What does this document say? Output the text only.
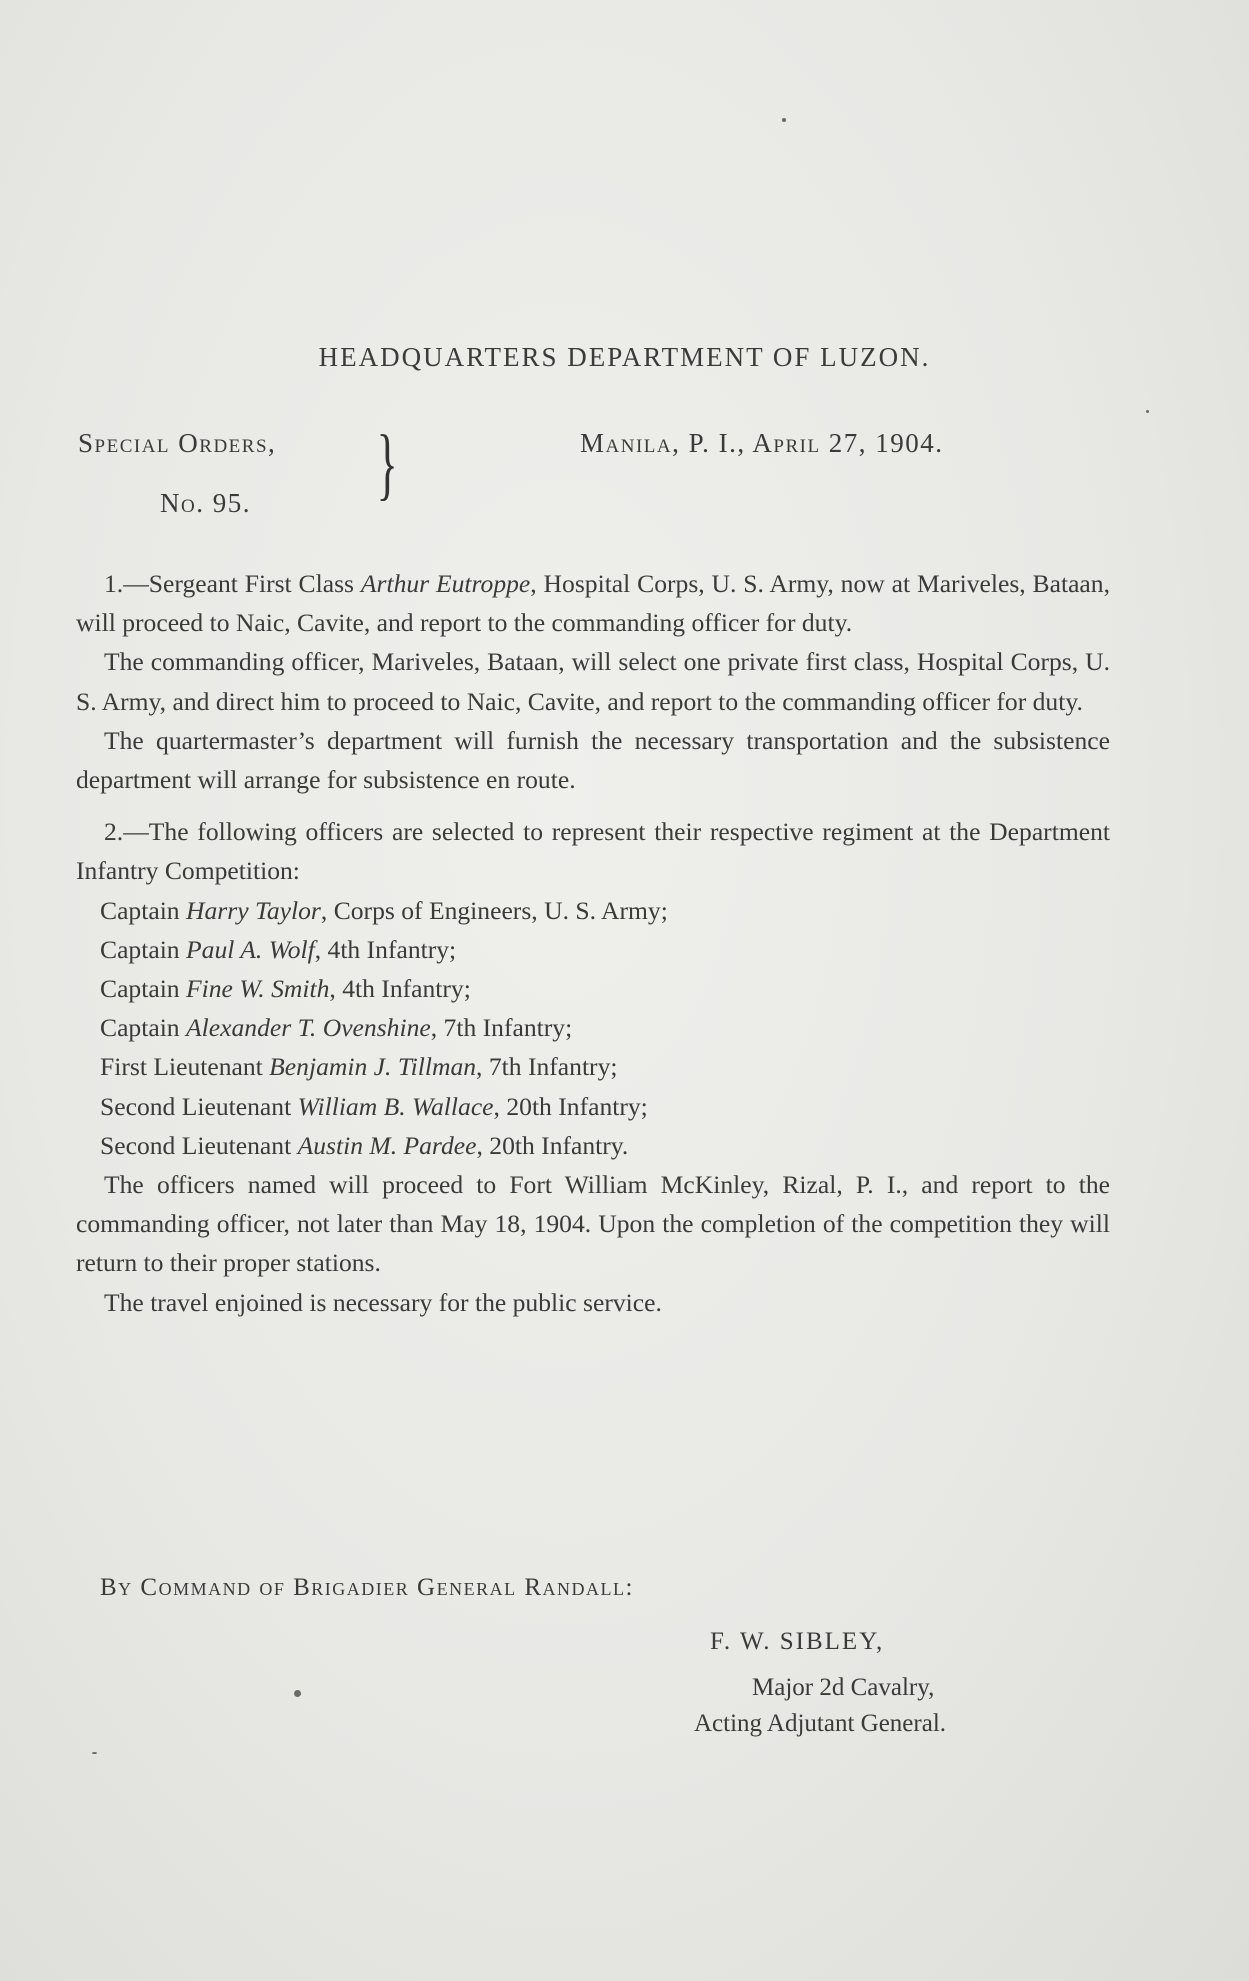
HEADQUARTERS DEPARTMENT OF LUZON.
Special Orders,
No. 95. }	Manila, P. I., April 27, 1904.

1.—Sergeant First Class Arthur Eutroppe, Hospital Corps, U. S. Army, now at Mariveles, Bataan, will proceed to Naic, Cavite, and report to the commanding officer for duty.

The commanding officer, Mariveles, Bataan, will select one private first class, Hospital Corps, U. S. Army, and direct him to proceed to Naic, Cavite, and report to the commanding officer for duty.

The quartermaster’s department will furnish the necessary transportation and the subsistence department will arrange for subsistence en route.

2.—The following officers are selected to represent their respective regiment at the Department Infantry Competition:

Captain Harry Taylor, Corps of Engineers, U. S. Army;
Captain Paul A. Wolf, 4th Infantry;
Captain Fine W. Smith, 4th Infantry;
Captain Alexander T. Ovenshine, 7th Infantry;
First Lieutenant Benjamin J. Tillman, 7th Infantry;
Second Lieutenant William B. Wallace, 20th Infantry;
Second Lieutenant Austin M. Pardee, 20th Infantry.

The officers named will proceed to Fort William McKinley, Rizal, P. I., and report to the commanding officer, not later than May 18, 1904. Upon the completion of the competition they will return to their proper stations.

The travel enjoined is necessary for the public service.

By Command of Brigadier General Randall:
F. W. SIBLEY,
Major 2d Cavalry,
Acting Adjutant General.
